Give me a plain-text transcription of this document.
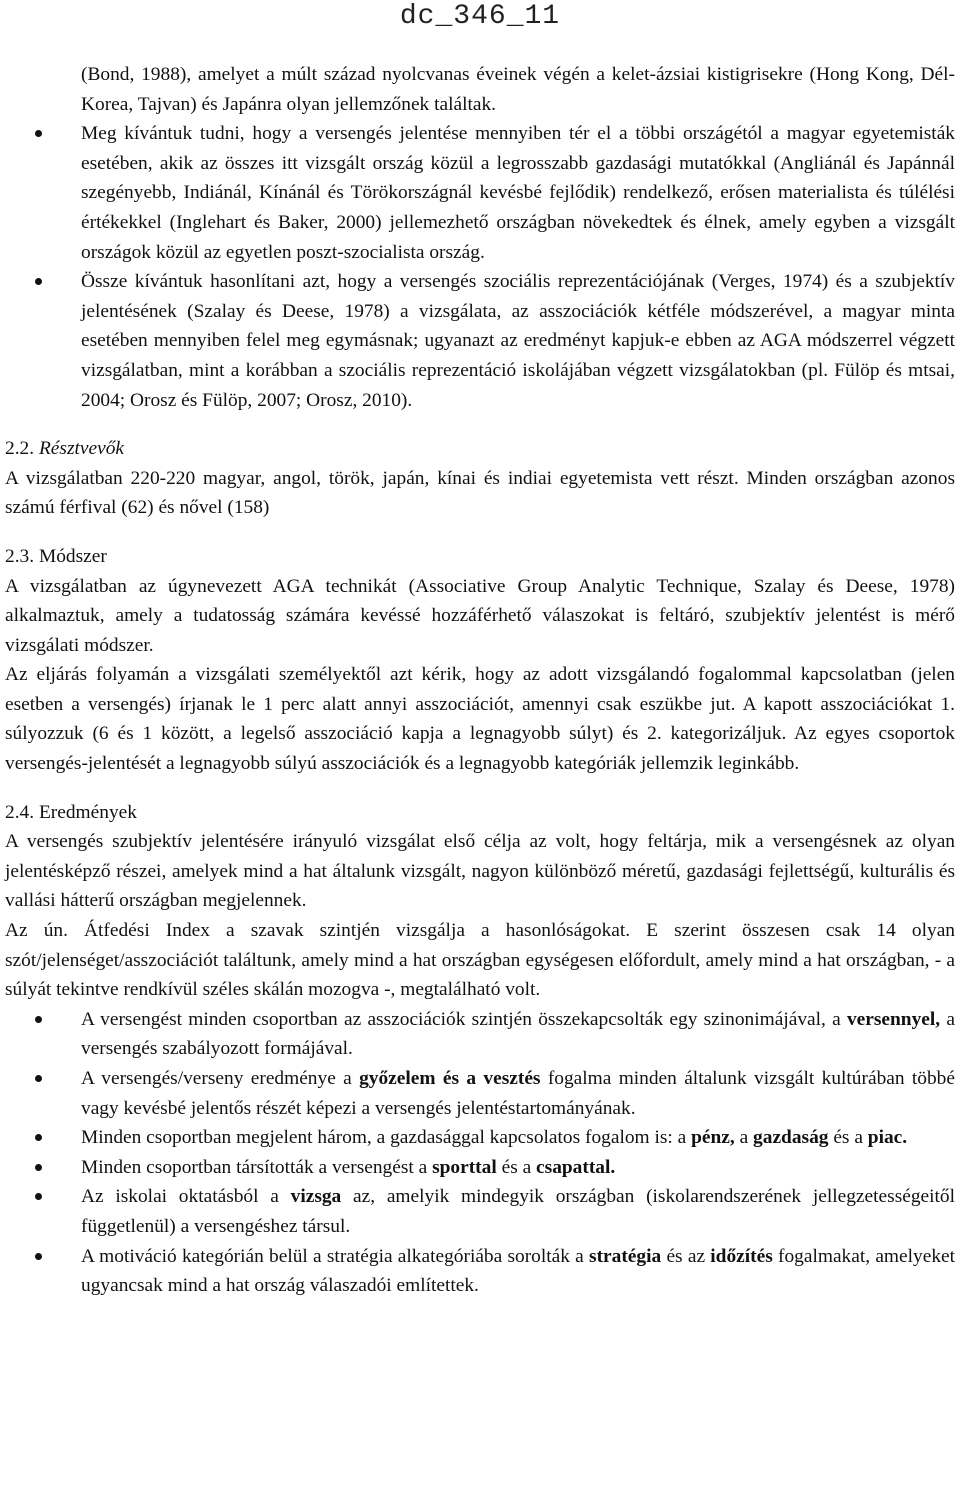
dc_346_11

(Bond, 1988), amelyet a múlt század nyolcvanas éveinek végén a kelet-ázsiai kistigrisekre (Hong Kong, Dél-Korea, Tajvan) és Japánra olyan jellemzőnek találtak.

Meg kívántuk tudni, hogy a versengés jelentése mennyiben tér el a többi országétól a magyar egyetemisták esetében, akik az összes itt vizsgált ország közül a legrosszabb gazdasági mutatókkal (Angliánál és Japánnál szegényebb, Indiánál, Kínánál és Törökországnál kevésbé fejlődik) rendelkező, erősen materialista és túlélési értékekkel (Inglehart és Baker, 2000) jellemezhető országban növekedtek és élnek, amely egyben a vizsgált országok közül az egyetlen poszt-szocialista ország.
Össze kívántuk hasonlítani azt, hogy a versengés szociális reprezentációjának (Verges, 1974) és a szubjektív jelentésének (Szalay és Deese, 1978) a vizsgálata, az asszociációk kétféle módszerével, a magyar minta esetében mennyiben felel meg egymásnak; ugyanazt az eredményt kapjuk-e ebben az AGA módszerrel végzett vizsgálatban, mint a korábban a szociális reprezentáció iskolájában végzett vizsgálatokban (pl. Fülöp és mtsai, 2004; Orosz és Fülöp, 2007; Orosz, 2010).

2.2. Résztvevők

A vizsgálatban 220-220 magyar, angol, török, japán, kínai és indiai egyetemista vett részt. Minden országban azonos számú férfival (62) és nővel (158)

2.3. Módszer

A vizsgálatban az úgynevezett AGA technikát (Associative Group Analytic Technique, Szalay és Deese, 1978) alkalmaztuk, amely a tudatosság számára kevéssé hozzáférhető válaszokat is feltáró, szubjektív jelentést is mérő vizsgálati módszer.

Az eljárás folyamán a vizsgálati személyektől azt kérik, hogy az adott vizsgálandó fogalommal kapcsolatban (jelen esetben a versengés) írjanak le 1 perc alatt annyi asszociációt, amennyi csak eszükbe jut. A kapott asszociációkat 1. súlyozzuk (6 és 1 között, a legelső asszociáció kapja a legnagyobb súlyt) és 2. kategorizáljuk. Az egyes csoportok versengés-jelentését a legnagyobb súlyú asszociációk és a legnagyobb kategóriák jellemzik leginkább.

2.4. Eredmények

A versengés szubjektív jelentésére irányuló vizsgálat első célja az volt, hogy feltárja, mik a versengésnek az olyan jelentésképző részei, amelyek mind a hat általunk vizsgált, nagyon különböző méretű, gazdasági fejlettségű, kulturális és vallási hátterű országban megjelennek.

Az ún. Átfedési Index a szavak szintjén vizsgálja a hasonlóságokat. E szerint összesen csak 14 olyan szót/jelenséget/asszociációt találtunk, amely mind a hat országban egységesen előfordult, amely mind a hat országban, - a súlyát tekintve rendkívül széles skálán mozogva -, megtalálható volt.

A versengést minden csoportban az asszociációk szintjén összekapcsolták egy szinonimájával, a versennyel, a versengés szabályozott formájával.
A versengés/verseny eredménye a győzelem és a vesztés fogalma minden általunk vizsgált kultúrában többé vagy kevésbé jelentős részét képezi a versengés jelentéstartományának.
Minden csoportban megjelent három, a gazdasággal kapcsolatos fogalom is: a pénz, a gazdaság és a piac.
Minden csoportban társították a versengést a sporttal és a csapattal.
Az iskolai oktatásból a vizsga az, amelyik mindegyik országban (iskolarendszerének jellegzetességeitől függetlenül) a versengéshez társul.
A motiváció kategórián belül a stratégia alkategóriába sorolták a stratégia és az időzítés fogalmakat, amelyeket ugyancsak mind a hat ország válaszadói említettek.
